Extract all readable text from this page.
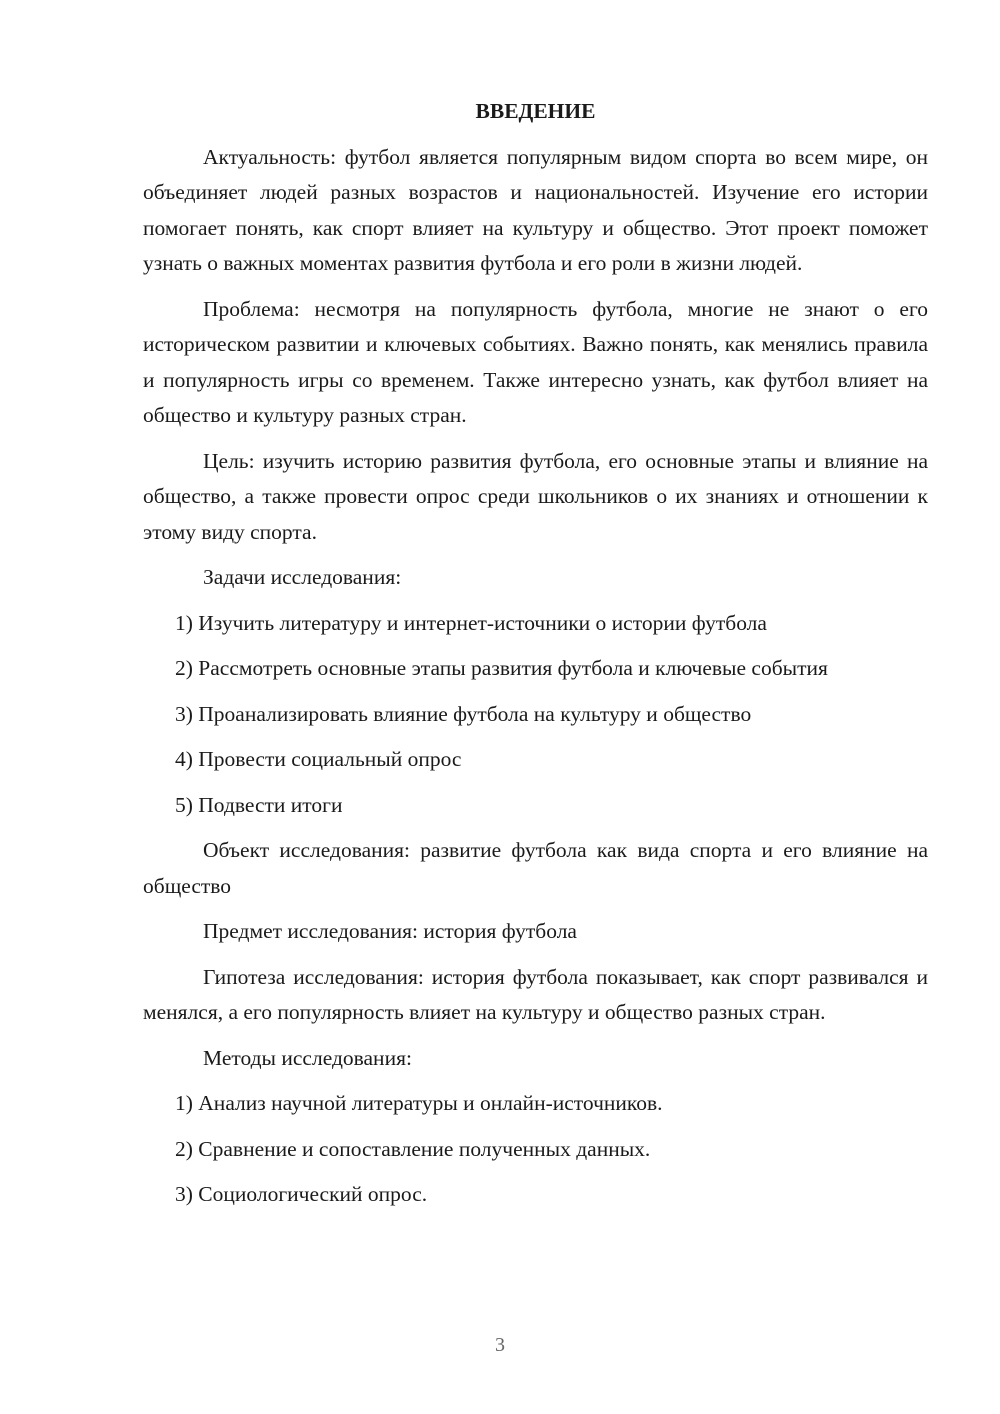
ВВЕДЕНИЕ

Актуальность: футбол является популярным видом спорта во всем мире, он объединяет людей разных возрастов и национальностей. Изучение его истории помогает понять, как спорт влияет на культуру и общество. Этот проект поможет узнать о важных моментах развития футбола и его роли в жизни людей.

Проблема: несмотря на популярность футбола, многие не знают о его историческом развитии и ключевых событиях. Важно понять, как менялись правила и популярность игры со временем. Также интересно узнать, как футбол влияет на общество и культуру разных стран.

Цель: изучить историю развития футбола, его основные этапы и влияние на общество, а также провести опрос среди школьников о их знаниях и отношении к этому виду спорта.

Задачи исследования:

1) Изучить литературу и интернет-источники о истории футбола

2) Рассмотреть основные этапы развития футбола и ключевые события

3) Проанализировать влияние футбола на культуру и общество

4) Провести социальный опрос

5) Подвести итоги

Объект исследования: развитие футбола как вида спорта и его влияние на общество

Предмет исследования: история футбола

Гипотеза исследования: история футбола показывает, как спорт развивался и менялся, а его популярность влияет на культуру и общество разных стран.

Методы исследования:

1) Анализ научной литературы и онлайн-источников.

2) Сравнение и сопоставление полученных данных.

3) Социологический опрос.

3
